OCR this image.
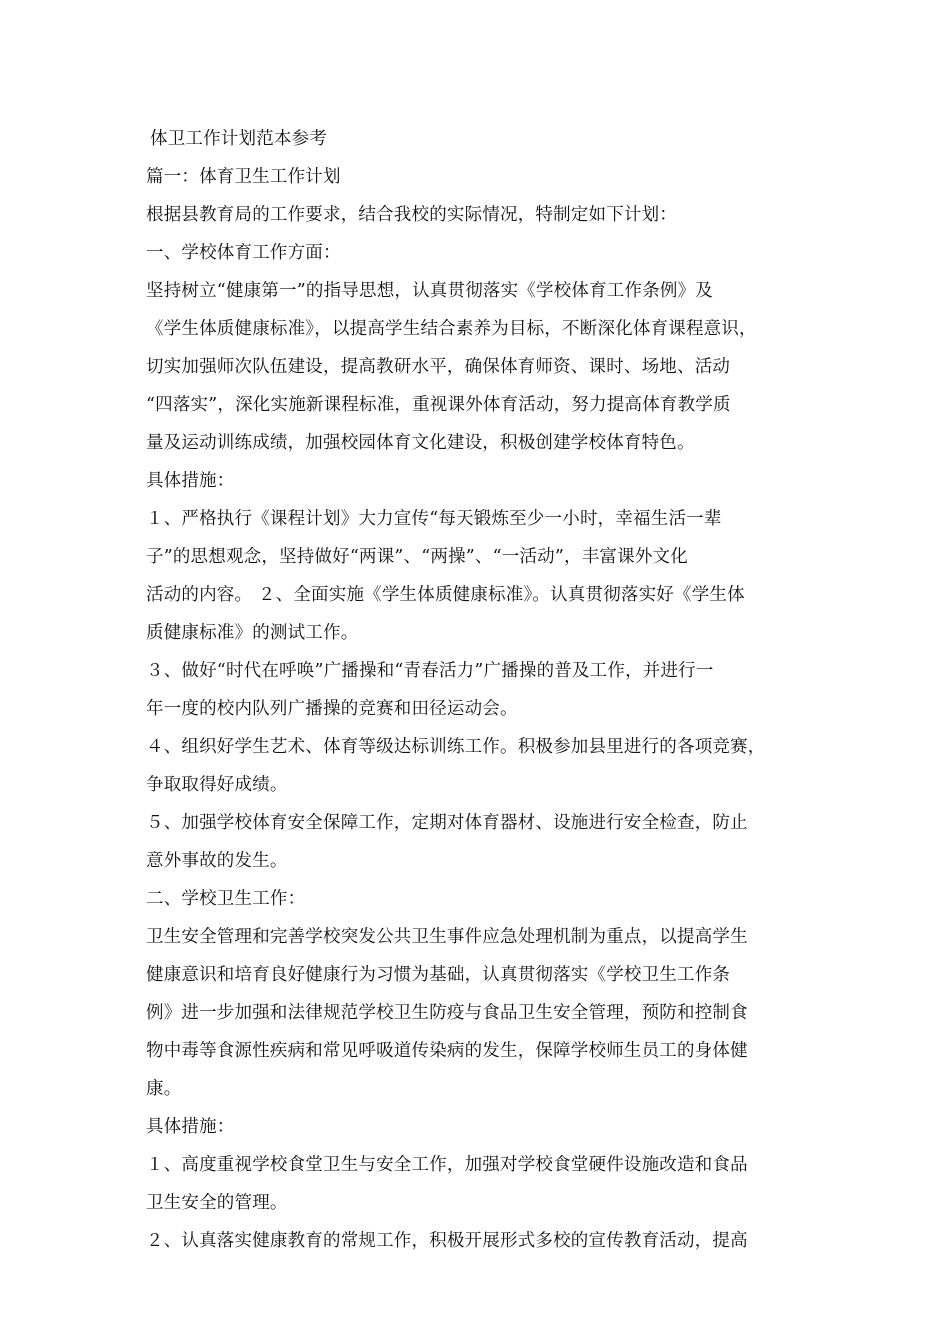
体卫工作计划范本参考
篇一：体育卫生工作计划
根据县教育局的工作要求，结合我校的实际情况，特制定如下计划：
一、学校体育工作方面：
坚持树立“健康第一”的指导思想，认真贯彻落实《学校体育工作条例》及
《学生体质健康标准》，以提高学生结合素养为目标，不断深化体育课程意识，
切实加强师次队伍建设，提高教研水平，确保体育师资、课时、场地、活动
“四落实”，深化实施新课程标准，重视课外体育活动，努力提高体育教学质
量及运动训练成绩，加强校园体育文化建设，积极创建学校体育特色。
具体措施：
１、严格执行《课程计划》大力宣传“每天锻炼至少一小时，幸福生活一辈
子”的思想观念，坚持做好“两课”、“两操”、“一活动”，丰富课外文化
活动的内容。 ２、全面实施《学生体质健康标准》。认真贯彻落实好《学生体
质健康标准》的测试工作。
３、做好“时代在呼唤”广播操和“青春活力”广播操的普及工作，并进行一
年一度的校内队列广播操的竞赛和田径运动会。
４、组织好学生艺术、体育等级达标训练工作。积极参加县里进行的各项竞赛，
争取取得好成绩。
５、加强学校体育安全保障工作，定期对体育器材、设施进行安全检查，防止
意外事故的发生。
二、学校卫生工作：
卫生安全管理和完善学校突发公共卫生事件应急处理机制为重点，以提高学生
健康意识和培育良好健康行为习惯为基础，认真贯彻落实《学校卫生工作条
例》进一步加强和法律规范学校卫生防疫与食品卫生安全管理，预防和控制食
物中毒等食源性疾病和常见呼吸道传染病的发生，保障学校师生员工的身体健
康。
具体措施：
１、高度重视学校食堂卫生与安全工作，加强对学校食堂硬件设施改造和食品
卫生安全的管理。
２、认真落实健康教育的常规工作，积极开展形式多校的宣传教育活动，提高
